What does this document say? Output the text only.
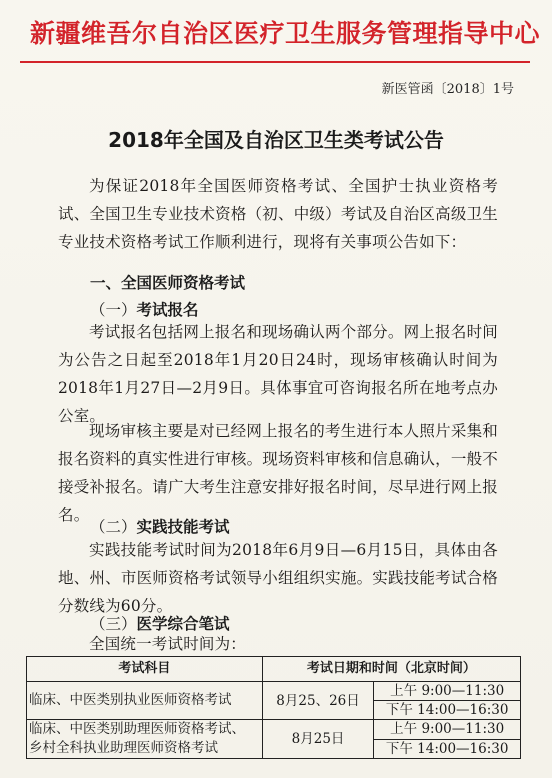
新疆维吾尔自治区医疗卫生服务管理指导中心
新医管函〔2018〕1号
2018年全国及自治区卫生类考试公告

为保证2018年全国医师资格考试、全国护士执业资格考试、全国卫生专业技术资格（初、中级）考试及自治区高级卫生专业技术资格考试工作顺利进行，现将有关事项公告如下：

一、全国医师资格考试
（一）考试报名

考试报名包括网上报名和现场确认两个部分。网上报名时间为公告之日起至2018年1月20日24时，现场审核确认时间为2018年1月27日—2月9日。具体事宜可咨询报名所在地考点办公室。

现场审核主要是对已经网上报名的考生进行本人照片采集和报名资料的真实性进行审核。现场资料审核和信息确认，一般不接受补报名。请广大考生注意安排好报名时间，尽早进行网上报名。

（二）实践技能考试

实践技能考试时间为2018年6月9日—6月15日，具体由各地、州、市医师资格考试领导小组组织实施。实践技能考试合格分数线为60分。

（三）医学综合笔试

全国统一考试时间为：

考试科目	考试日期和时间（北京时间）	
临床、中医类别执业医师资格考试	8月25、26日	上午 9:00—11:30
		下午 14:00—16:30

临床、中医类别助理医师资格考试、
乡村全科执业助理医师资格考试	8月25日	上午 9:00—11:30
		下午 14:00—16:30
